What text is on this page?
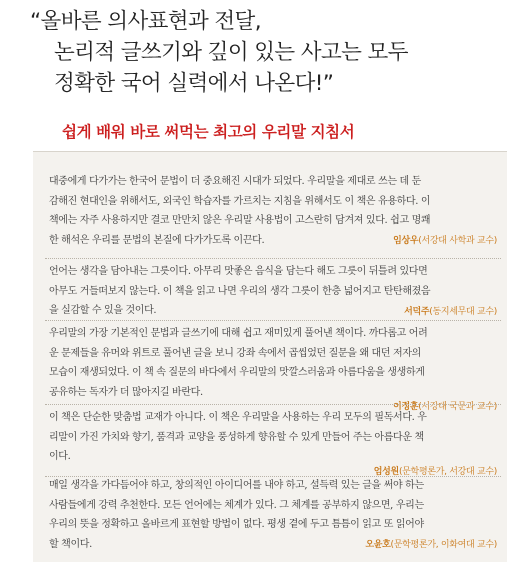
“올바른 의사표현과 전달,
논리적 글쓰기와 깊이 있는 사고는 모두
정확한 국어 실력에서 나온다!”
쉽게 배워 바로 써먹는 최고의 우리말 지침서
대중에게 다가가는 한국어 문법이 더 중요해진 시대가 되었다. 우리말을 제대로 쓰는 데 둔
감해진 현대인을 위해서도, 외국인 학습자를 가르치는 지침을 위해서도 이 책은 유용하다. 이
책에는 자주 사용하지만 결코 만만치 않은 우리말 사용법이 고스란히 담겨져 있다. 쉽고 명쾌
한 해석은 우리를 문법의 본질에 다가가도록 이끈다.	임상우(서강대 사학과 교수)
언어는 생각을 담아내는 그릇이다. 아무리 맛좋은 음식을 담는다 해도 그릇이 뒤틀려 있다면
아무도 거들떠보지 않는다. 이 책을 읽고 나면 우리의 생각 그릇이 한층 넓어지고 탄탄해졌음
을 실감할 수 있을 것이다.	서덕주(동지세무대 교수)
우리말의 가장 기본적인 문법과 글쓰기에 대해 쉽고 재미있게 풀어낸 책이다. 까다롭고 어려
운 문제들을 유머와 위트로 풀어낸 글을 보니 강좌 속에서 곱씹었던 질문을 왜 대던 저자의
모습이 재생되었다. 이 책 속 질문의 바다에서 우리말의 맛깔스러움과 아름다움을 생생하게
공유하는 독자가 더 많아지길 바란다.
이정훈(서강대 국문과 교수)
이 책은 단순한 맞춤법 교재가 아니다. 이 책은 우리말을 사용하는 우리 모두의 필독서다. 우
리말이 가진 가치와 향기, 품격과 교양을 풍성하게 향유할 수 있게 만들어 주는 아름다운 책
이다.
엄성원(문학평론가, 서강대 교수)
매일 생각을 가다듬어야 하고, 창의적인 아이디어를 내야 하고, 설득력 있는 글을 써야 하는
사람들에게 강력 추천한다. 모든 언어에는 체계가 있다. 그 체계를 공부하지 않으면, 우리는
우리의 뜻을 정확하고 올바르게 표현할 방법이 없다. 평생 곁에 두고 틈틈이 읽고 또 읽어야
할 책이다.	오윤호(문학평론가, 이화여대 교수)
